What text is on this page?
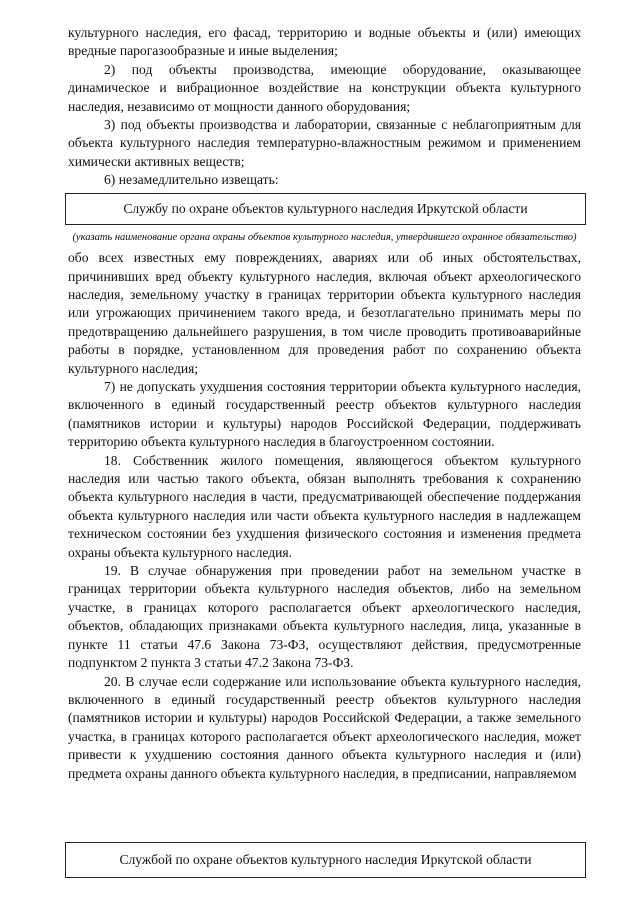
культурного наследия, его фасад, территорию и водные объекты и (или) имеющих вредные парогазообразные и иные выделения;

2) под объекты производства, имеющие оборудование, оказывающее динамическое и вибрационное воздействие на конструкции объекта культурного наследия, независимо от мощности данного оборудования;

3) под объекты производства и лаборатории, связанные с неблагоприятным для объекта культурного наследия температурно-влажностным режимом и применением химически активных веществ;

6) незамедлительно извещать:

Службу по охране объектов культурного наследия Иркутской области
(указать наименование органа охраны объектов культурного наследия, утвердившего охранное обязательство)

обо всех известных ему повреждениях, авариях или об иных обстоятельствах, причинивших вред объекту культурного наследия, включая объект археологического наследия, земельному участку в границах территории объекта культурного наследия или угрожающих причинением такого вреда, и безотлагательно принимать меры по предотвращению дальнейшего разрушения, в том числе проводить противоаварийные работы в порядке, установленном для проведения работ по сохранению объекта культурного наследия;

7) не допускать ухудшения состояния территории объекта культурного наследия, включенного в единый государственный реестр объектов культурного наследия (памятников истории и культуры) народов Российской Федерации, поддерживать территорию объекта культурного наследия в благоустроенном состоянии.

18. Собственник жилого помещения, являющегося объектом культурного наследия или частью такого объекта, обязан выполнять требования к сохранению объекта культурного наследия в части, предусматривающей обеспечение поддержания объекта культурного наследия или части объекта культурного наследия в надлежащем техническом состоянии без ухудшения физического состояния и изменения предмета охраны объекта культурного наследия.

19. В случае обнаружения при проведении работ на земельном участке в границах территории объекта культурного наследия объектов, либо на земельном участке, в границах которого располагается объект археологического наследия, объектов, обладающих признаками объекта культурного наследия, лица, указанные в пункте 11 статьи 47.6 Закона 73-ФЗ, осуществляют действия, предусмотренные подпунктом 2 пункта 3 статьи 47.2 Закона 73-ФЗ.

20. В случае если содержание или использование объекта культурного наследия, включенного в единый государственный реестр объектов культурного наследия (памятников истории и культуры) народов Российской Федерации, а также земельного участка, в границах которого располагается объект археологического наследия, может привести к ухудшению состояния данного объекта культурного наследия и (или) предмета охраны данного объекта культурного наследия, в предписании, направляемом

Службой по охране объектов культурного наследия Иркутской области
